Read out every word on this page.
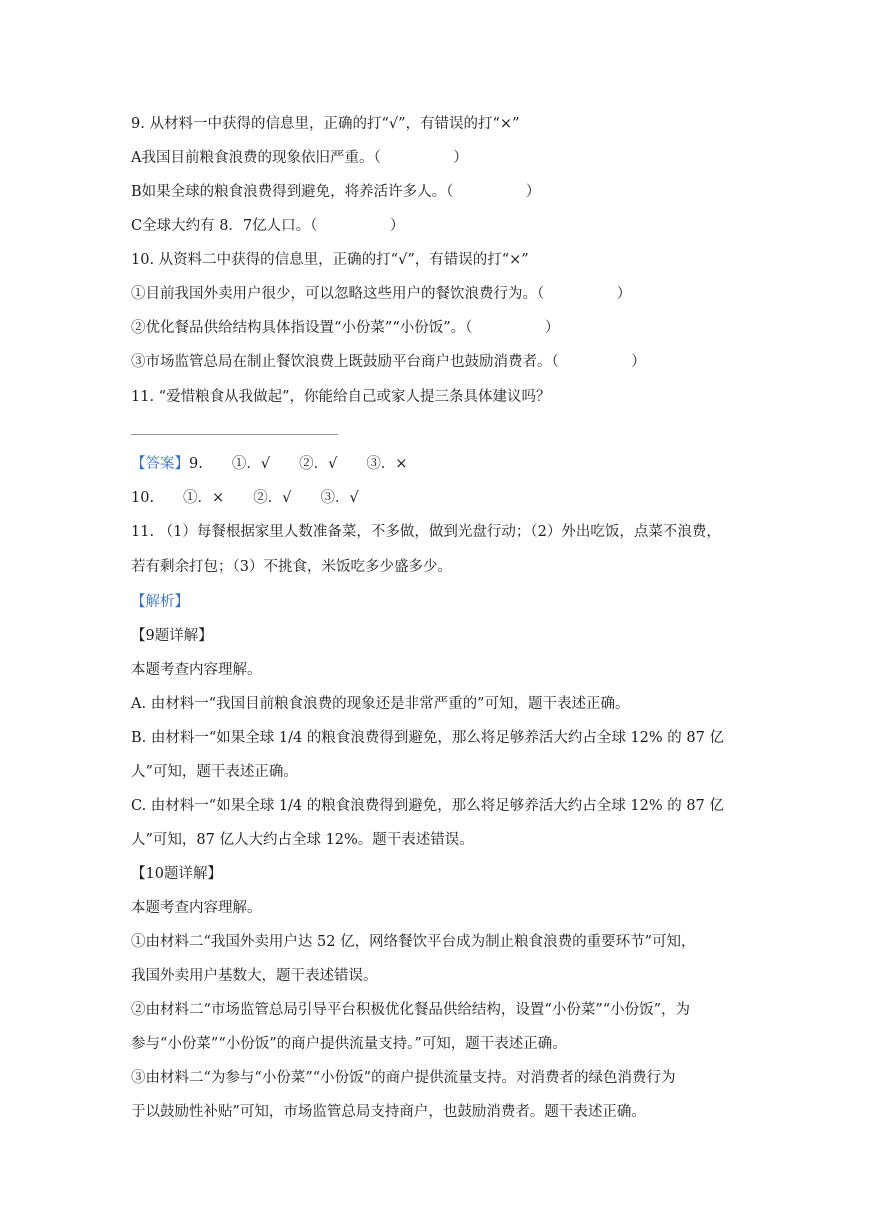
9. 从材料一中获得的信息里，正确的打“√”，有错误的打“×”
A我国目前粮食浪费的现象依旧严重。（　　　　　）
B如果全球的粮食浪费得到避免，将养活许多人。（　　　　　）
C全球大约有 8．7亿人口。（　　　　　）
10. 从资料二中获得的信息里，正确的打“√”，有错误的打“×”
①目前我国外卖用户很少，可以忽略这些用户的餐饮浪费行为。（　　　　　）
②优化餐品供给结构具体指设置“小份菜”“小份饭”。（　　　　　）
③市场监管总局在制止餐饮浪费上既鼓励平台商户也鼓励消费者。（　　　　　）
11. “爱惜粮食从我做起”，你能给自己或家人提三条具体建议吗？
【答案】9.　　①．√　　②．√　　③．×
10.　　①．×　　②．√　　③．√
11. （1）每餐根据家里人数准备菜，不多做，做到光盘行动；（2）外出吃饭，点菜不浪费，
若有剩余打包；（3）不挑食，米饭吃多少盛多少。
【解析】
【9题详解】
本题考查内容理解。
A. 由材料一“我国目前粮食浪费的现象还是非常严重的”可知，题干表述正确。
B. 由材料一“如果全球 1/4 的粮食浪费得到避免，那么将足够养活大约占全球 12% 的 87 亿
人”可知，题干表述正确。
C. 由材料一“如果全球 1/4 的粮食浪费得到避免，那么将足够养活大约占全球 12% 的 87 亿
人”可知，87 亿人大约占全球 12%。题干表述错误。
【10题详解】
本题考查内容理解。
①由材料二“我国外卖用户达 52 亿，网络餐饮平台成为制止粮食浪费的重要环节”可知，
我国外卖用户基数大，题干表述错误。
②由材料二“市场监管总局引导平台积极优化餐品供给结构，设置“小份菜”“小份饭”，为
参与“小份菜”“小份饭”的商户提供流量支持。”可知，题干表述正确。
③由材料二“为参与“小份菜”“小份饭”的商户提供流量支持。对消费者的绿色消费行为
于以鼓励性补贴”可知，市场监管总局支持商户，也鼓励消费者。题干表述正确。
